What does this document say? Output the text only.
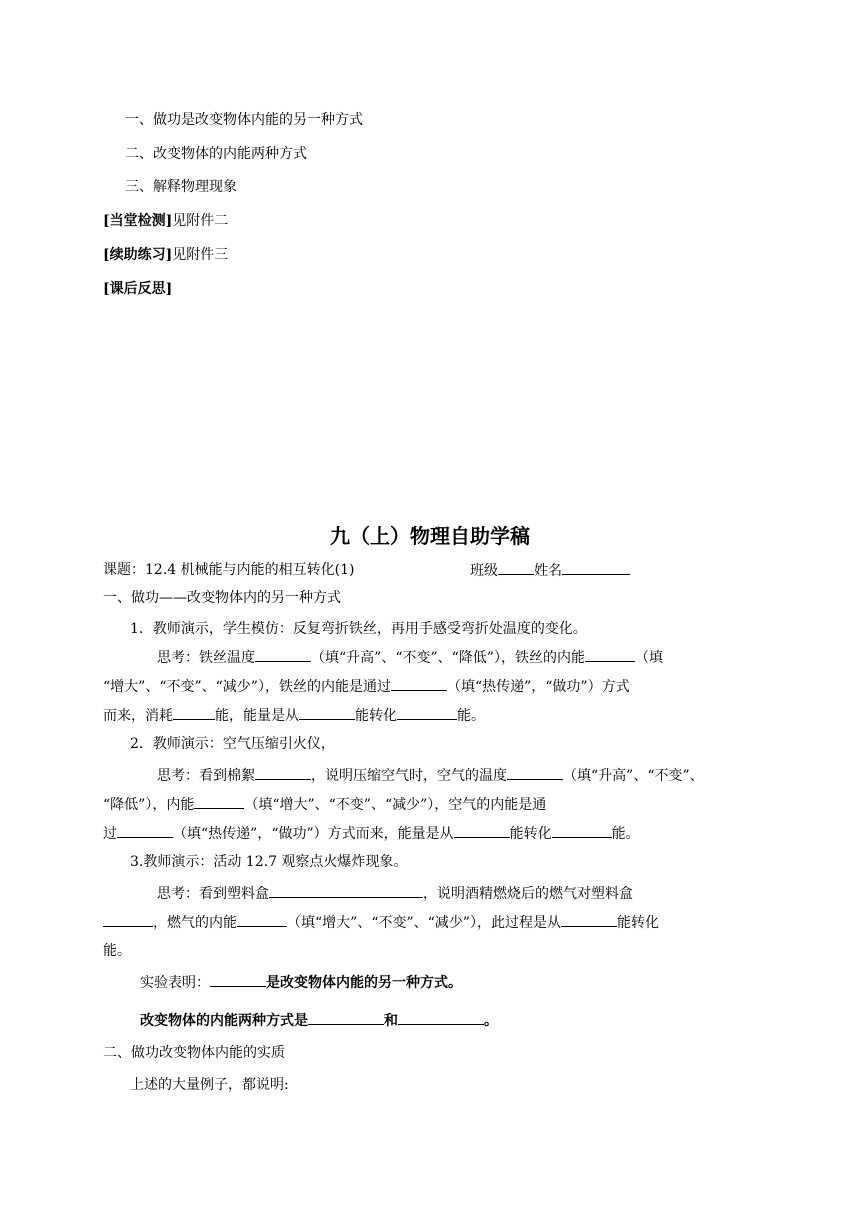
一、做功是改变物体内能的另一种方式
二、改变物体的内能两种方式
三、解释物理现象
[当堂检测]见附件二
[续助练习]见附件三
[课后反思]
九（上）物理自助学稿
课题：12.4 机械能与内能的相互转化(1)	班级	姓名
一、做功——改变物体内的另一种方式
1．教师演示，学生模仿：反复弯折铁丝，再用手感受弯折处温度的变化。
思考：铁丝温度	（填“升高”、“不变”、“降低”），铁丝的内能	（填
“增大”、“不变”、“减少”），铁丝的内能是通过	（填“热传递”，“做功”）方式
而来，消耗	能，能量是从	能转化	能。
2．教师演示：空气压缩引火仪，
思考：看到棉絮	，说明压缩空气时，空气的温度	（填“升高”、“不变”、
“降低”），内能	（填“增大”、“不变”、“减少”），空气的内能是通
过	（填“热传递”，“做功”）方式而来，能量是从	能转化	能。
3.教师演示：活动 12.7 观察点火爆炸现象。
思考：看到塑料盒	，说明酒精燃烧后的燃气对塑料盒
，燃气的内能	（填“增大”、“不变”、“减少”），此过程是从	能转化
能。
实验表明：	是改变物体内能的另一种方式。
改变物体的内能两种方式是	和	。
二、做功改变物体内能的实质
上述的大量例子，都说明:
